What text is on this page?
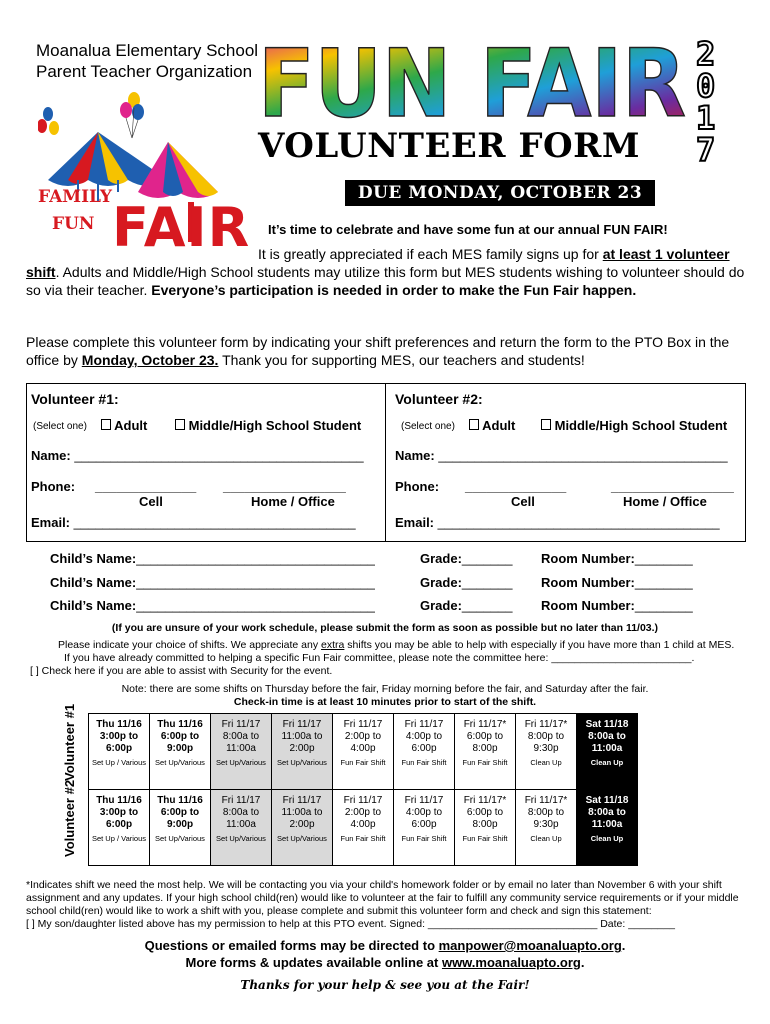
Moanalua Elementary School
Parent Teacher Organization
FAMILY
FUN FAIR
FUN FAIR 2
0
1
7
VOLUNTEER FORM
DUE MONDAY, OCTOBER 23
It’s time to celebrate and have some fun at our annual FUN FAIR!
It is greatly appreciated if each MES family signs up for at least 1 volunteer shift. Adults and Middle/High School students may utilize this form but MES students wishing to volunteer should do so via their teacher. Everyone’s participation is needed in order to make the Fun Fair happen.
Please complete this volunteer form by indicating your shift preferences and return the form to the PTO Box in the office by Monday, October 23. Thank you for supporting MES, our teachers and students!
Volunteer #1:	Volunteer #2:
(Select one)	Adult	Middle/High School Student	(Select one)	Adult	Middle/High School Student
Name: ________________________________________ Name: ________________________________________
Phone: ______________ _________________
Cell	Home / Office
Phone: ______________	_________________
Cell	Home / Office
Email: _______________________________________	Email: _______________________________________
Child’s Name:_________________________________	Grade:_______ Room Number:________
Child’s Name:_________________________________	Grade:_______ Room Number:________
Child’s Name:_________________________________	Grade:_______ Room Number:________
(If you are unsure of your work schedule, please submit the form as soon as possible but no later than 11/03.)
Please indicate your choice of shifts. We appreciate any extra shifts you may be able to help with especially if you have more than 1 child at MES.
If you have already committed to helping a specific Fun Fair committee, please note the committee here: ________________________.
[ ] Check here if you are able to assist with Security for the event.
Note: there are some shifts on Thursday before the fair, Friday morning before the fair, and Saturday after the fair.
Check-in time is at least 10 minutes prior to start of the shift.
Volunteer #1
Volunteer #2
Thu 11/16
3:00p to
6:00p
Set Up / Various	Thu 11/16
6:00p to
9:00p
Set Up/Various	Fri 11/17
8:00a to
11:00a
Set Up/Various	Fri 11/17
11:00a to
2:00p
Set Up/Various	Fri 11/17
2:00p to
4:00p
Fun Fair Shift	Fri 11/17
4:00p to
6:00p
Fun Fair Shift	Fri 11/17*
6:00p to
8:00p
Fun Fair Shift	Fri 11/17*
8:00p to
9:30p
Clean Up	Sat 11/18
8:00a to
11:00a
Clean Up

Thu 11/16
3:00p to
6:00p
Set Up / Various	Thu 11/16
6:00p to
9:00p
Set Up/Various	Fri 11/17
8:00a to
11:00a
Set Up/Various	Fri 11/17
11:00a to
2:00p
Set Up/Various	Fri 11/17
2:00p to
4:00p
Fun Fair Shift	Fri 11/17
4:00p to
6:00p
Fun Fair Shift	Fri 11/17*
6:00p to
8:00p
Fun Fair Shift	Fri 11/17*
8:00p to
9:30p
Clean Up	Sat 11/18
8:00a to
11:00a
Clean Up
*Indicates shift we need the most help. We will be contacting you via your child's homework folder or by email no later than November 6 with your shift assignment and any updates. If your high school child(ren) would like to volunteer at the fair to fulfill any community service requirements or if your middle school child(ren) would like to work a shift with you, please complete and submit this volunteer form and check and sign this statement:
[ ] My son/daughter listed above has my permission to help at this PTO event. Signed: _____________________________ Date: ________
Questions or emailed forms may be directed to manpower@moanaluapto.org.
More forms & updates available online at www.moanaluapto.org.
Thanks for your help & see you at the Fair!
